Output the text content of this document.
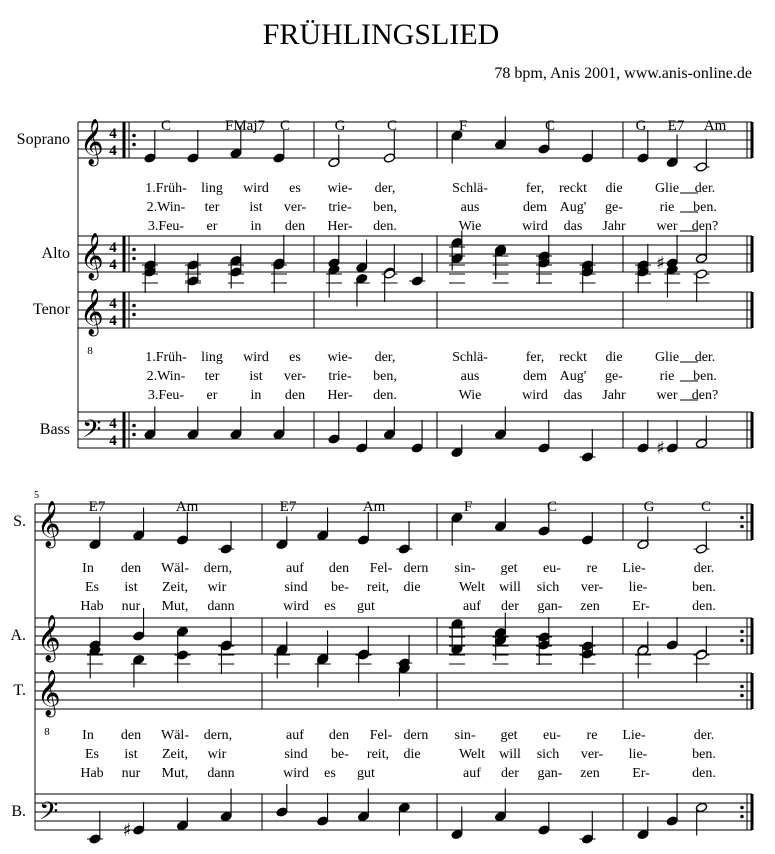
FRÜHLINGSLIED
78 bpm, Anis 2001, www.anis-online.de
Soprano 𝄞 4
4
Alto 𝄞 4
4	♯
Tenor 𝄞
8
4
4
Bass 𝄢 4
4	♯
C	FMaj7 C	G	C	F	C	G E7 Am
1.Früh-
1.Früh-
ling
ling
wird
wird
es
es
wie-
wie-
der,
der,
Schlä-
Schlä-
fer,
fer,
reckt
reckt
die
die
Glie
Glie
der.
der.
2.Win-
2.Win-
ter
ter
ist
ist
ver-
ver-
trie-
trie-
ben,
ben,
aus
aus
dem
dem
Aug'
Aug'
ge-
ge-
rie
rie
ben.
ben.
3.Feu-
3.Feu-
er
er
in
in
den
den
Her-
Her-
den.
den.
Wie
Wie
wird
wird
das
das
Jahr
Jahr
wer
wer
den?
den?
S. 𝄞
A. 𝄞
T. 𝄞
8
B. 𝄢	♯
5
E7	Am	E7	Am	F	C	G	C
In
In
den
den
Wäl-
Wäl-
dern,
dern,
auf
auf
den
den
Fel-
Fel-
dern
dern
sin-
sin-
get
get
eu-
eu-
re
re
Lie-
Lie-
der.
der.
Es
Es
ist
ist
Zeit,
Zeit,
wir
wir
sind
sind
be-
be-
reit,
reit,
die
die
Welt
Welt
will
will
sich
sich
ver-
ver-
lie-
lie-
ben.
ben.
Hab
Hab
nur
nur
Mut,
Mut,
dann
dann
wird
wird
es
es
gut
gut
auf
auf
der
der
gan-
gan-
zen
zen
Er-
Er-
den.
den.
